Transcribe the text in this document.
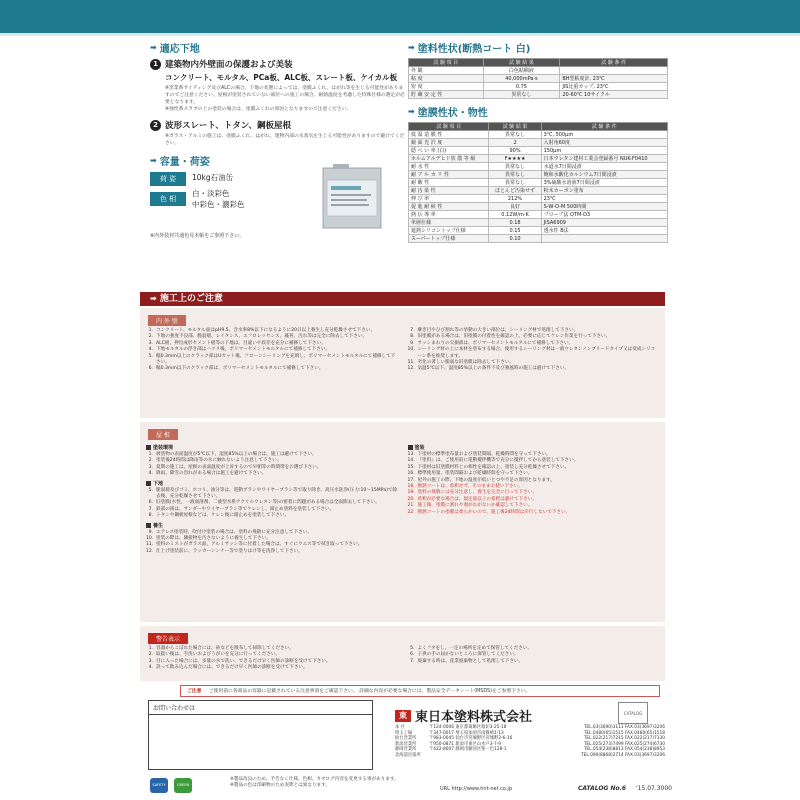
➡ 適応下地
1 建築物内外壁面の保護および美装
コンクリート、モルタル、PCa板、ALC板、スレート板、ケイカル板
※窯業系サイディング及びALCの場合、下地の状態によっては、塗膜ふくれ、はがれ等を生じる可能性がありますのでご注意ください。屋根が塗装されていない部位への施工の場合、耐熱温度を考慮した特殊仕様の選定が必要となります。
※強性系スラブの上の塗装の場合は、塗膜ふくれの原因となりますので注意ください。
2 波形スレート、トタン、鋼板屋根
※ガラス・アルミの施工は、塗膜ふくれ、はがれ、建物内部の水蒸気を生じる可能性がありますので避けてください。
➡ 容量・荷姿
荷 姿	10kg石油缶
色 相
白・淡彩色
中彩色・濃彩色
※内外装材共通色見本帳をご参照下さい。
➡ 塗料性状(断熱コート 白)
試 験 項 目	試 験 結 果	試 験 条 件
外 観	白色粘稠液	
粘 度	40,000mPa·s	BH型粘度計, 23℃
密 度	0.75	JIS比重カップ, 23℃
貯 蔵 安 定 性	異常なし	20-60℃ 10サイクル
➡ 塗膜性状・物性
試 験 項 目	試 験 結 果	試 験 条 件
低 温 造 膜 性	異常なし	3℃, 500μm
鏡 面 光 沢 度	2	入射角60度
隠 ぺ い 率 (白)	90%	150μm
ホルムアルデヒド放 散 等 級	F★★★★	日本ウレタン建材工業会登録番号 NUK-F0410
耐 水 性	異常なし	水道水7日間浸漬
耐 ア ル カ リ 性	異常なし	飽和水酸化カルシウム7日間浸漬
耐 酸 性	異常なし	3%硫酸水溶液7日間浸漬
耐 汚 染 性	ほとんど汚染せず	粉末カーボン塗布
伸 び 率	212%	23℃
促 進 耐 候 性	良好	S-W-O-M 500時間
熱 伝 導 率	0.12W/m·K	プローブ法 QTM-D3
単層仕様	0.18	JISA6909
遮熱シリコントップ仕様	0.15	透水性 B法
スーパートップ仕様	0.10	
➡ 施工上のご注意
内 外 壁
1. コンクリート、モルタル面はpH9.5、含水率8%以下になるように20日以上養生し充分乾燥させて下さい。
2. 下地の強度不良部、脆弱層、レイタンス、エフロレッセンス、藻苔、汚れ等は完全に除去して下さい。
3. ALC板、押出成形セメント板等の下地は、目違いや段差を充分に補修して下さい。
4. 下地モルタルの浮き部はハツリ後、ポリマーセメントモルタルにて補修して下さい。
5. 幅0.3mm以上のクラック部はUカット後、フローンシーリングを充填し、ポリマーセメントモルタルにて補修して下さい。
6. 幅0.3mm以下のクラック部は、ポリマーセメントモルタルにて補修して下さい。
7. 継ぎ目やひび割れ等の挙動の大きい部位は、シーリング材で処理して下さい。
8. 旧塗膜がある場合は、旧塗膜の付着性を確認の上、必要に応じてケレン作業を行って下さい。
9. サッシまわりの欠損部は、ポリマーセメントモルタルにて補修して下さい。
10. シーリング材の上に本材を塗布する場合、使用するシーリング材は一液ウレタンノンブリードタイプ又は変成シリコーン系を推奨します。
11. 劣化の著しい脆弱な旧塗膜は除去して下さい。
12. 気温5℃以下、湿度85%以上の条件下及び強風時の施工は避けて下さい。
屋 根
塗装環境
1. 被塗物の表面温度が5℃以下、湿度85%以上の場合は、施工は避けて下さい。
2. 塗装後24時間は降雨等の水に触れないよう注意して下さい。
3. 夏期の施工は、屋根の表面温度が上昇するので早朝等の時間帯をお選び下さい。
4. 降雨、降雪の恐れがある場合は施工を避けて下さい。
下地
5. 脆弱層及びゴミ、ホコリ、油分等は、電動ブラシやワイヤーブラシ等で取り除き、高圧水洗浄(圧力:10〜15MPa)で除去後、充分乾燥させて下さい。
6. 旧塗膜(水性、一液弱溶剤、二液型水系アクリルウレタン等)の密着に問題がある場合は全面除去して下さい。
7. 鉄部の錆は、サンダーやワイヤーブラシ等でケレンし、錆止め塗料を塗装して下さい。
8. トタンや鋼板屋根などは、ケレン後に錆止めを塗装して下さい。
養生
9. エアレス塗装時、吹付け塗装の場合は、塗料の飛散に充分注意して下さい。
10. 塗装の際は、隣接物を汚さないように養生して下さい。
11. 塗料のミストがガラス面、アルミサッシ等に付着した場合は、すぐにウエス等で拭き取って下さい。
12. 仕上げ塗装前に、ラッカーシンナー等で塗りはけ等を洗浄して下さい。
塗装
13. 下塗材の標準塗布量および塗装間隔、乾燥時間を守って下さい。
14. 『塗料』は、ご使用前に電動攪拌機等で充分に攪拌してから塗装して下さい。
15. 下塗材は旧塗膜材料との相性を確認の上、塗装し充分乾燥させて下さい。
16. 標準使用量、塗装間隔および乾燥時間を守って下さい。
17. 屋外の施工の際、下地の温度が低いとつや不足の原因となります。
18. 断熱コートは、希釈せず、そのままお使い下さい。
19. 塗料の飛散には充分注意し、養生を完全に行って下さい。
20. 希釈が必要な場合は、規定量以上の希釈は避けて下さい。
21. 施工後、塗膜に割れや剥がれがないか確認して下さい。
22. 断熱コートの塗膜は柔らかいので、施工後24時間は歩行しないで下さい。
警告表示
1. 容器からこぼれた場合には、砂などを散布して掃除してください。
2. 取扱い後は、手洗いおよびうがいを充分に行ってください。
3. 目に入った場合には、多量の水で洗い、できるだけ早く医師の診断を受けて下さい。
4. 誤って飲み込んだ場合には、できるだけ早く医師の診断を受けて下さい。
5. よくフタをし、一定の場所を定めて保管してください。
6. 子供の手の届かないところに保管してください。
7. 廃棄する時は、産業廃棄物として処理して下さい。
ご注意 ご使用前に各商品の容器に記載されている注意事項をご確認下さい。 詳細な内容が必要な場合には、製品安全データシート(MSDS)をご参照下さい。
お問い合わせは
東 東日本塗料株式会社	CATALOG
本 社	〒124-0006 東京都葛飾区堀切3-25-18	TEL.03(3690)3111 FAX.03(3697)3206
埼玉工場	〒347-0017 埼玉県加須市南篠崎1-13	TEL.0480(65)1515 FAX.0480(65)1518
仙台営業所	〒983-0045 仙台市宮城野区宮城野2-6-16	TEL.022(217)7215 FAX.022(217)7130
新潟営業所	〒950-0871 新潟市東区山木戸3-7-9	TEL.025(273)7499 FAX.025(274)6730
静岡営業所	〒422-8007 静岡市駿河区聖一色128-1	TEL.054(238)8813 FAX.054(238)8953
北海道出張所	TEL.090(8868)2714 FAX.03(3697)3206
SAFETY	GREEN
※製品改良のため、予告なく仕様、色相、カタログ内容を変更する事があります。
※製品の色は印刷物のため実際とは異なります。
URL http://www.hnt-net.co.jp	CATALOG No.6 '15.07.3000
